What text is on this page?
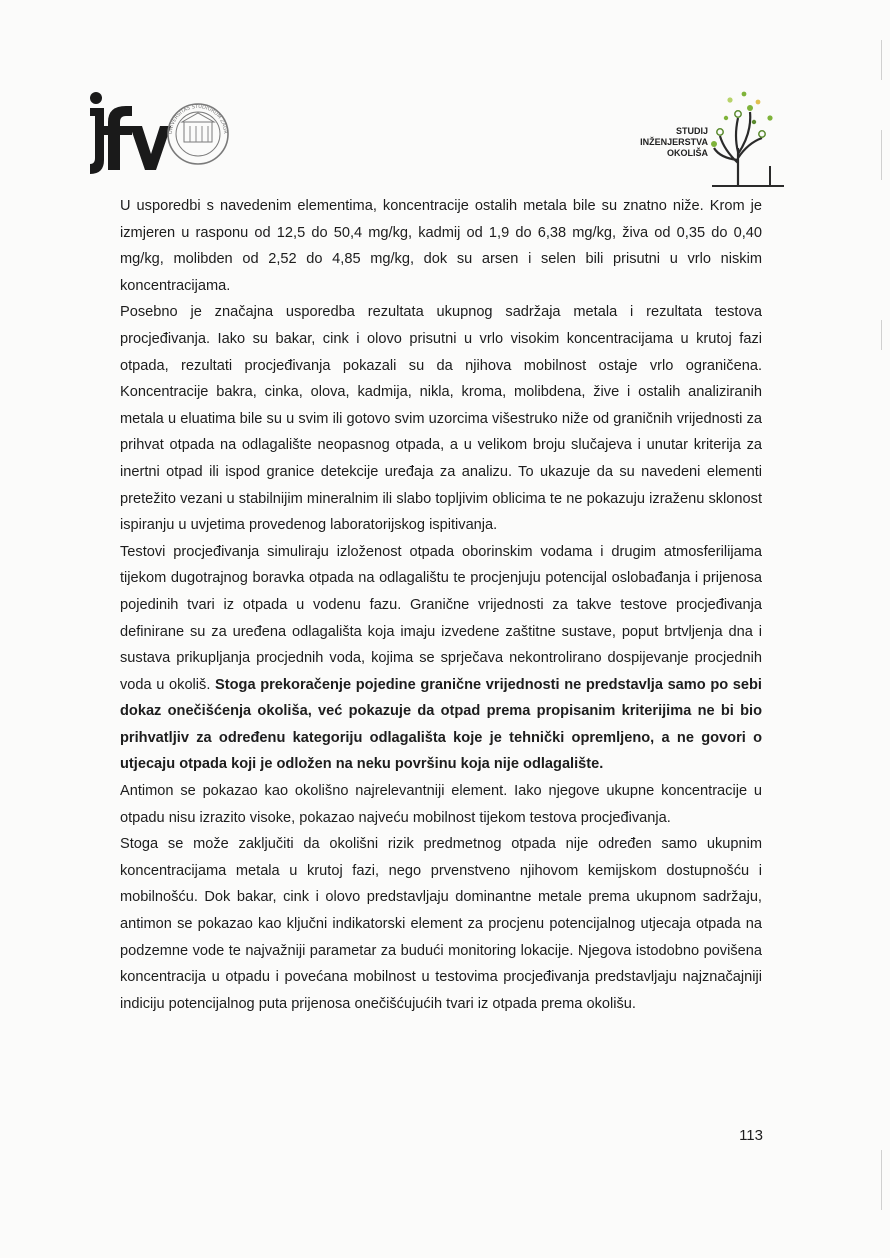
UNIVERSITAS STUDIORUM ZAGR	STUDIJ
INŽENJERSTVA
OKOLIŠA

U usporedbi s navedenim elementima, koncentracije ostalih metala bile su znatno niže. Krom je izmjeren u rasponu od 12,5 do 50,4 mg/kg, kadmij od 1,9 do 6,38 mg/kg, živa od 0,35 do 0,40 mg/kg, molibden od 2,52 do 4,85 mg/kg, dok su arsen i selen bili prisutni u vrlo niskim koncentracijama.

Posebno je značajna usporedba rezultata ukupnog sadržaja metala i rezultata testova procjeđivanja. Iako su bakar, cink i olovo prisutni u vrlo visokim koncentracijama u krutoj fazi otpada, rezultati procjeđivanja pokazali su da njihova mobilnost ostaje vrlo ograničena. Koncentracije bakra, cinka, olova, kadmija, nikla, kroma, molibdena, žive i ostalih analiziranih metala u eluatima bile su u svim ili gotovo svim uzorcima višestruko niže od graničnih vrijednosti za prihvat otpada na odlagalište neopasnog otpada, a u velikom broju slučajeva i unutar kriterija za inertni otpad ili ispod granice detekcije uređaja za analizu. To ukazuje da su navedeni elementi pretežito vezani u stabilnijim mineralnim ili slabo topljivim oblicima te ne pokazuju izraženu sklonost ispiranju u uvjetima provedenog laboratorijskog ispitivanja.

Testovi procjeđivanja simuliraju izloženost otpada oborinskim vodama i drugim atmosferilijama tijekom dugotrajnog boravka otpada na odlagalištu te procjenjuju potencijal oslobađanja i prijenosa pojedinih tvari iz otpada u vodenu fazu. Granične vrijednosti za takve testove procjeđivanja definirane su za uređena odlagališta koja imaju izvedene zaštitne sustave, poput brtvljenja dna i sustava prikupljanja procjednih voda, kojima se sprječava nekontrolirano dospijevanje procjednih voda u okoliš. Stoga prekoračenje pojedine granične vrijednosti ne predstavlja samo po sebi dokaz onečišćenja okoliša, već pokazuje da otpad prema propisanim kriterijima ne bi bio prihvatljiv za određenu kategoriju odlagališta koje je tehnički opremljeno, a ne govori o utjecaju otpada koji je odložen na neku površinu koja nije odlagalište.

Antimon se pokazao kao okolišno najrelevantniji element. Iako njegove ukupne koncentracije u otpadu nisu izrazito visoke, pokazao najveću mobilnost tijekom testova procjeđivanja.

Stoga se može zaključiti da okolišni rizik predmetnog otpada nije određen samo ukupnim koncentracijama metala u krutoj fazi, nego prvenstveno njihovom kemijskom dostupnošću i mobilnošću. Dok bakar, cink i olovo predstavljaju dominantne metale prema ukupnom sadržaju, antimon se pokazao kao ključni indikatorski element za procjenu potencijalnog utjecaja otpada na podzemne vode te najvažniji parametar za budući monitoring lokacije. Njegova istodobno povišena koncentracija u otpadu i povećana mobilnost u testovima procjeđivanja predstavljaju najznačajniji indiciju potencijalnog puta prijenosa onečišćujućih tvari iz otpada prema okolišu.

113
